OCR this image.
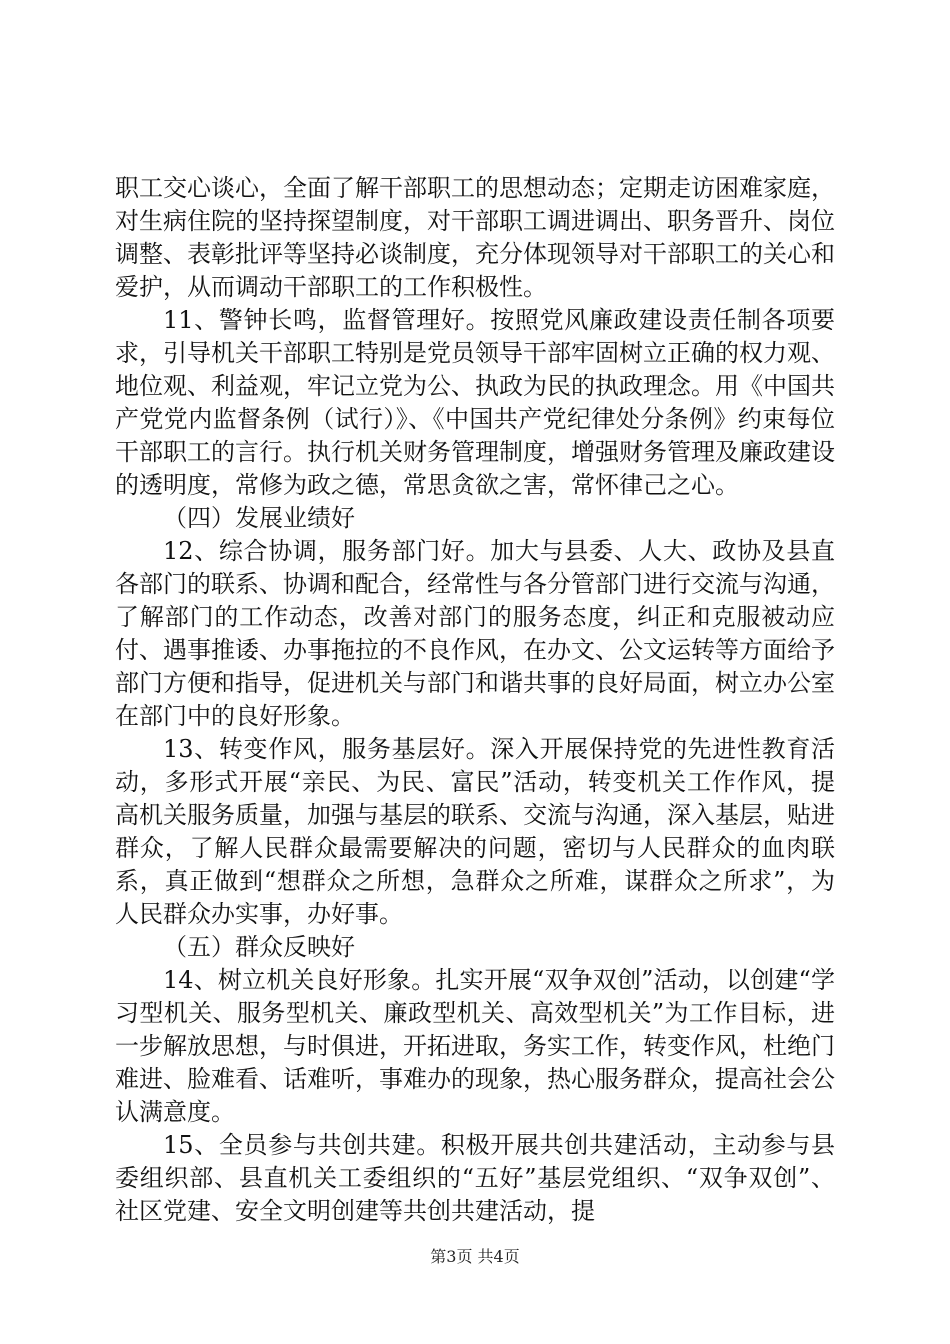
职工交心谈心，全面了解干部职工的思想动态；定期走访困难家庭，对生病住院的坚持探望制度，对干部职工调进调出、职务晋升、岗位调整、表彰批评等坚持必谈制度，充分体现领导对干部职工的关心和爱护，从而调动干部职工的工作积极性。

11、警钟长鸣，监督管理好。按照党风廉政建设责任制各项要求，引导机关干部职工特别是党员领导干部牢固树立正确的权力观、地位观、利益观，牢记立党为公、执政为民的执政理念。用《中国共产党党内监督条例（试行）》、《中国共产党纪律处分条例》约束每位干部职工的言行。执行机关财务管理制度，增强财务管理及廉政建设的透明度，常修为政之德，常思贪欲之害，常怀律己之心。

（四）发展业绩好

12、综合协调，服务部门好。加大与县委、人大、政协及县直各部门的联系、协调和配合，经常性与各分管部门进行交流与沟通，了解部门的工作动态，改善对部门的服务态度，纠正和克服被动应付、遇事推诿、办事拖拉的不良作风，在办文、公文运转等方面给予部门方便和指导，促进机关与部门和谐共事的良好局面，树立办公室在部门中的良好形象。

13、转变作风，服务基层好。深入开展保持党的先进性教育活动，多形式开展“亲民、为民、富民”活动，转变机关工作作风，提高机关服务质量，加强与基层的联系、交流与沟通，深入基层，贴进群众，了解人民群众最需要解决的问题，密切与人民群众的血肉联系，真正做到“想群众之所想，急群众之所难，谋群众之所求”，为人民群众办实事，办好事。

（五）群众反映好

14、树立机关良好形象。扎实开展“双争双创”活动，以创建“学习型机关、服务型机关、廉政型机关、高效型机关”为工作目标，进一步解放思想，与时俱进，开拓进取，务实工作，转变作风，杜绝门难进、脸难看、话难听，事难办的现象，热心服务群众，提高社会公认满意度。

15、全员参与共创共建。积极开展共创共建活动，主动参与县委组织部、县直机关工委组织的“五好”基层党组织、“双争双创”、社区党建、安全文明创建等共创共建活动，提

第3页 共4页
